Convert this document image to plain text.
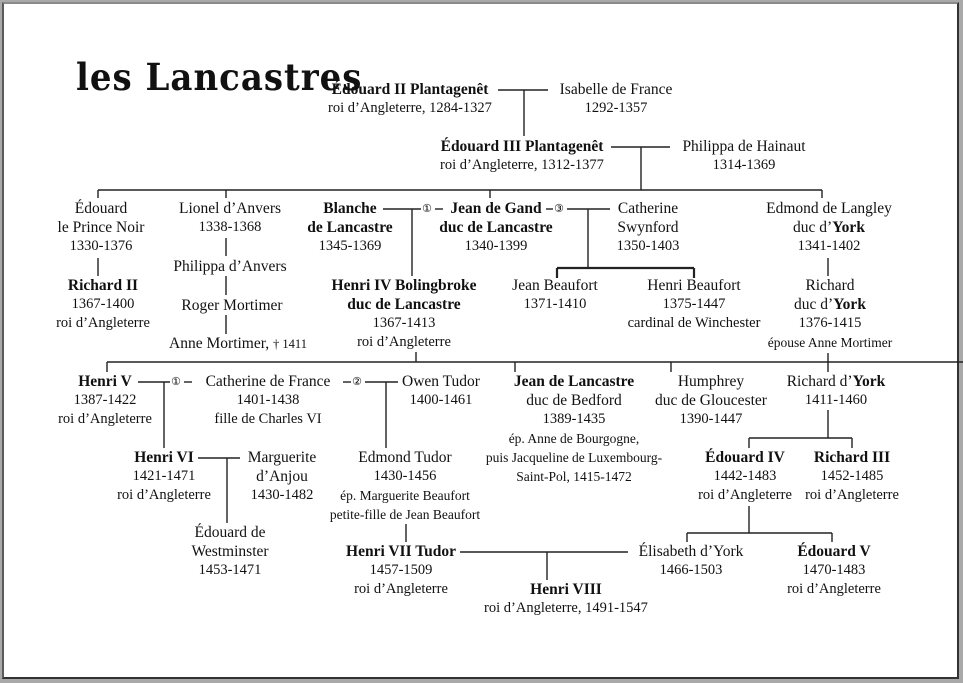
les Lancastres
Édouard II Plantagenêt
roi d’Angleterre, 1284-1327
Isabelle de France
1292-1357
Édouard III Plantagenêt
roi d’Angleterre, 1312-1377
Philippa de Hainaut
1314-1369
Édouard
le Prince Noir
1330-1376
Lionel d’Anvers
1338-1368
Philippa d’Anvers
Roger Mortimer
Anne Mortimer, † 1411
Richard II
1367-1400
roi d’Angleterre
Blanche
de Lancastre
1345-1369
①	Jean de Gand
duc de Lancastre
1340-1399
③	Catherine
Swynford
1350-1403
Edmond de Langley
duc d’York
1341-1402
Henri IV Bolingbroke
duc de Lancastre
1367-1413
roi d’Angleterre
Jean Beaufort
1371-1410
Henri Beaufort
1375-1447
cardinal de Winchester
Richard
duc d’York
1376-1415
épouse Anne Mortimer
Henri V
1387-1422
roi d’Angleterre
① Catherine de France
1401-1438
fille de Charles VI
②	Owen Tudor
1400-1461
Jean de Lancastre
duc de Bedford
1389-1435
ép. Anne de Bourgogne,
puis Jacqueline de Luxembourg-
Saint-Pol, 1415-1472
Humphrey
duc de Gloucester
1390-1447
Richard d’York
1411-1460
Henri VI
1421-1471
roi d’Angleterre
Marguerite
d’Anjou
1430-1482
Edmond Tudor
1430-1456
ép. Marguerite Beaufort
petite-fille de Jean Beaufort
Édouard IV
1442-1483
roi d’Angleterre
Richard III
1452-1485
roi d’Angleterre
Édouard de
Westminster
1453-1471
Henri VII Tudor
1457-1509
roi d’Angleterre
Élisabeth d’York
1466-1503
Édouard V
1470-1483
roi d’Angleterre
Henri VIII
roi d’Angleterre, 1491-1547
